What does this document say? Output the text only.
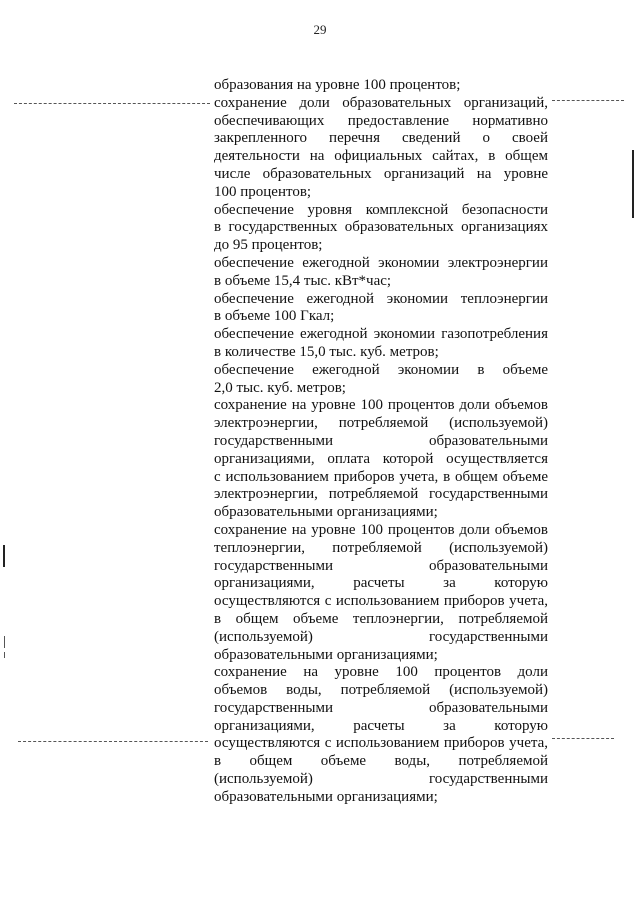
29

образования на уровне 100 процентов;

сохранение доли образовательных организаций,

обеспечивающих предоставление нормативно

закрепленного перечня сведений о своей

деятельности на официальных сайтах, в общем

числе образовательных организаций на уровне

100 процентов;

обеспечение уровня комплексной безопасности

в государственных образовательных организациях

до 95 процентов;

обеспечение ежегодной экономии электроэнергии

в объеме 15,4 тыс. кВт*час;

обеспечение ежегодной экономии теплоэнергии

в объеме 100 Гкал;

обеспечение ежегодной экономии газопотребления

в количестве 15,0 тыс. куб. метров;

обеспечение ежегодной экономии в объеме

2,0 тыс. куб. метров;

сохранение на уровне 100 процентов доли объемов

электроэнергии, потребляемой (используемой)

государственными образовательными

организациями, оплата которой осуществляется

с использованием приборов учета, в общем объеме

электроэнергии, потребляемой государственными

образовательными организациями;

сохранение на уровне 100 процентов доли объемов

теплоэнергии, потребляемой (используемой)

государственными образовательными

организациями, расчеты за которую

осуществляются с использованием приборов учета,

в общем объеме теплоэнергии, потребляемой

(используемой) государственными

образовательными организациями;

сохранение на уровне 100 процентов доли

объемов воды, потребляемой (используемой)

государственными образовательными

организациями, расчеты за которую

осуществляются с использованием приборов учета,

в общем объеме воды, потребляемой

(используемой) государственными

образовательными организациями;
